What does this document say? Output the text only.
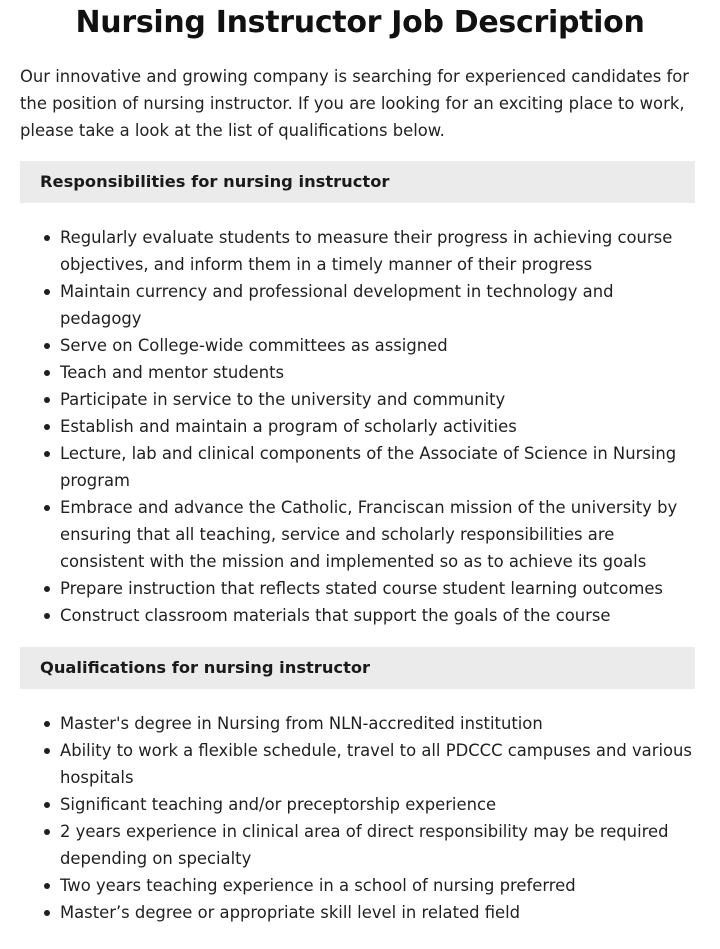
Nursing Instructor Job Description

Our innovative and growing company is searching for experienced candidates for the position of nursing instructor. If you are looking for an exciting place to work, please take a look at the list of qualifications below.

Responsibilities for nursing instructor
Regularly evaluate students to measure their progress in achieving course objectives, and inform them in a timely manner of their progress
Maintain currency and professional development in technology and pedagogy
Serve on College-wide committees as assigned
Teach and mentor students
Participate in service to the university and community
Establish and maintain a program of scholarly activities
Lecture, lab and clinical components of the Associate of Science in Nursing program
Embrace and advance the Catholic, Franciscan mission of the university by ensuring that all teaching, service and scholarly responsibilities are consistent with the mission and implemented so as to achieve its goals
Prepare instruction that reflects stated course student learning outcomes
Construct classroom materials that support the goals of the course
Qualifications for nursing instructor
Master's degree in Nursing from NLN-accredited institution
Ability to work a flexible schedule, travel to all PDCCC campuses and various hospitals
Significant teaching and/or preceptorship experience
2 years experience in clinical area of direct responsibility may be required depending on specialty
Two years teaching experience in a school of nursing preferred
Master’s degree or appropriate skill level in related field
